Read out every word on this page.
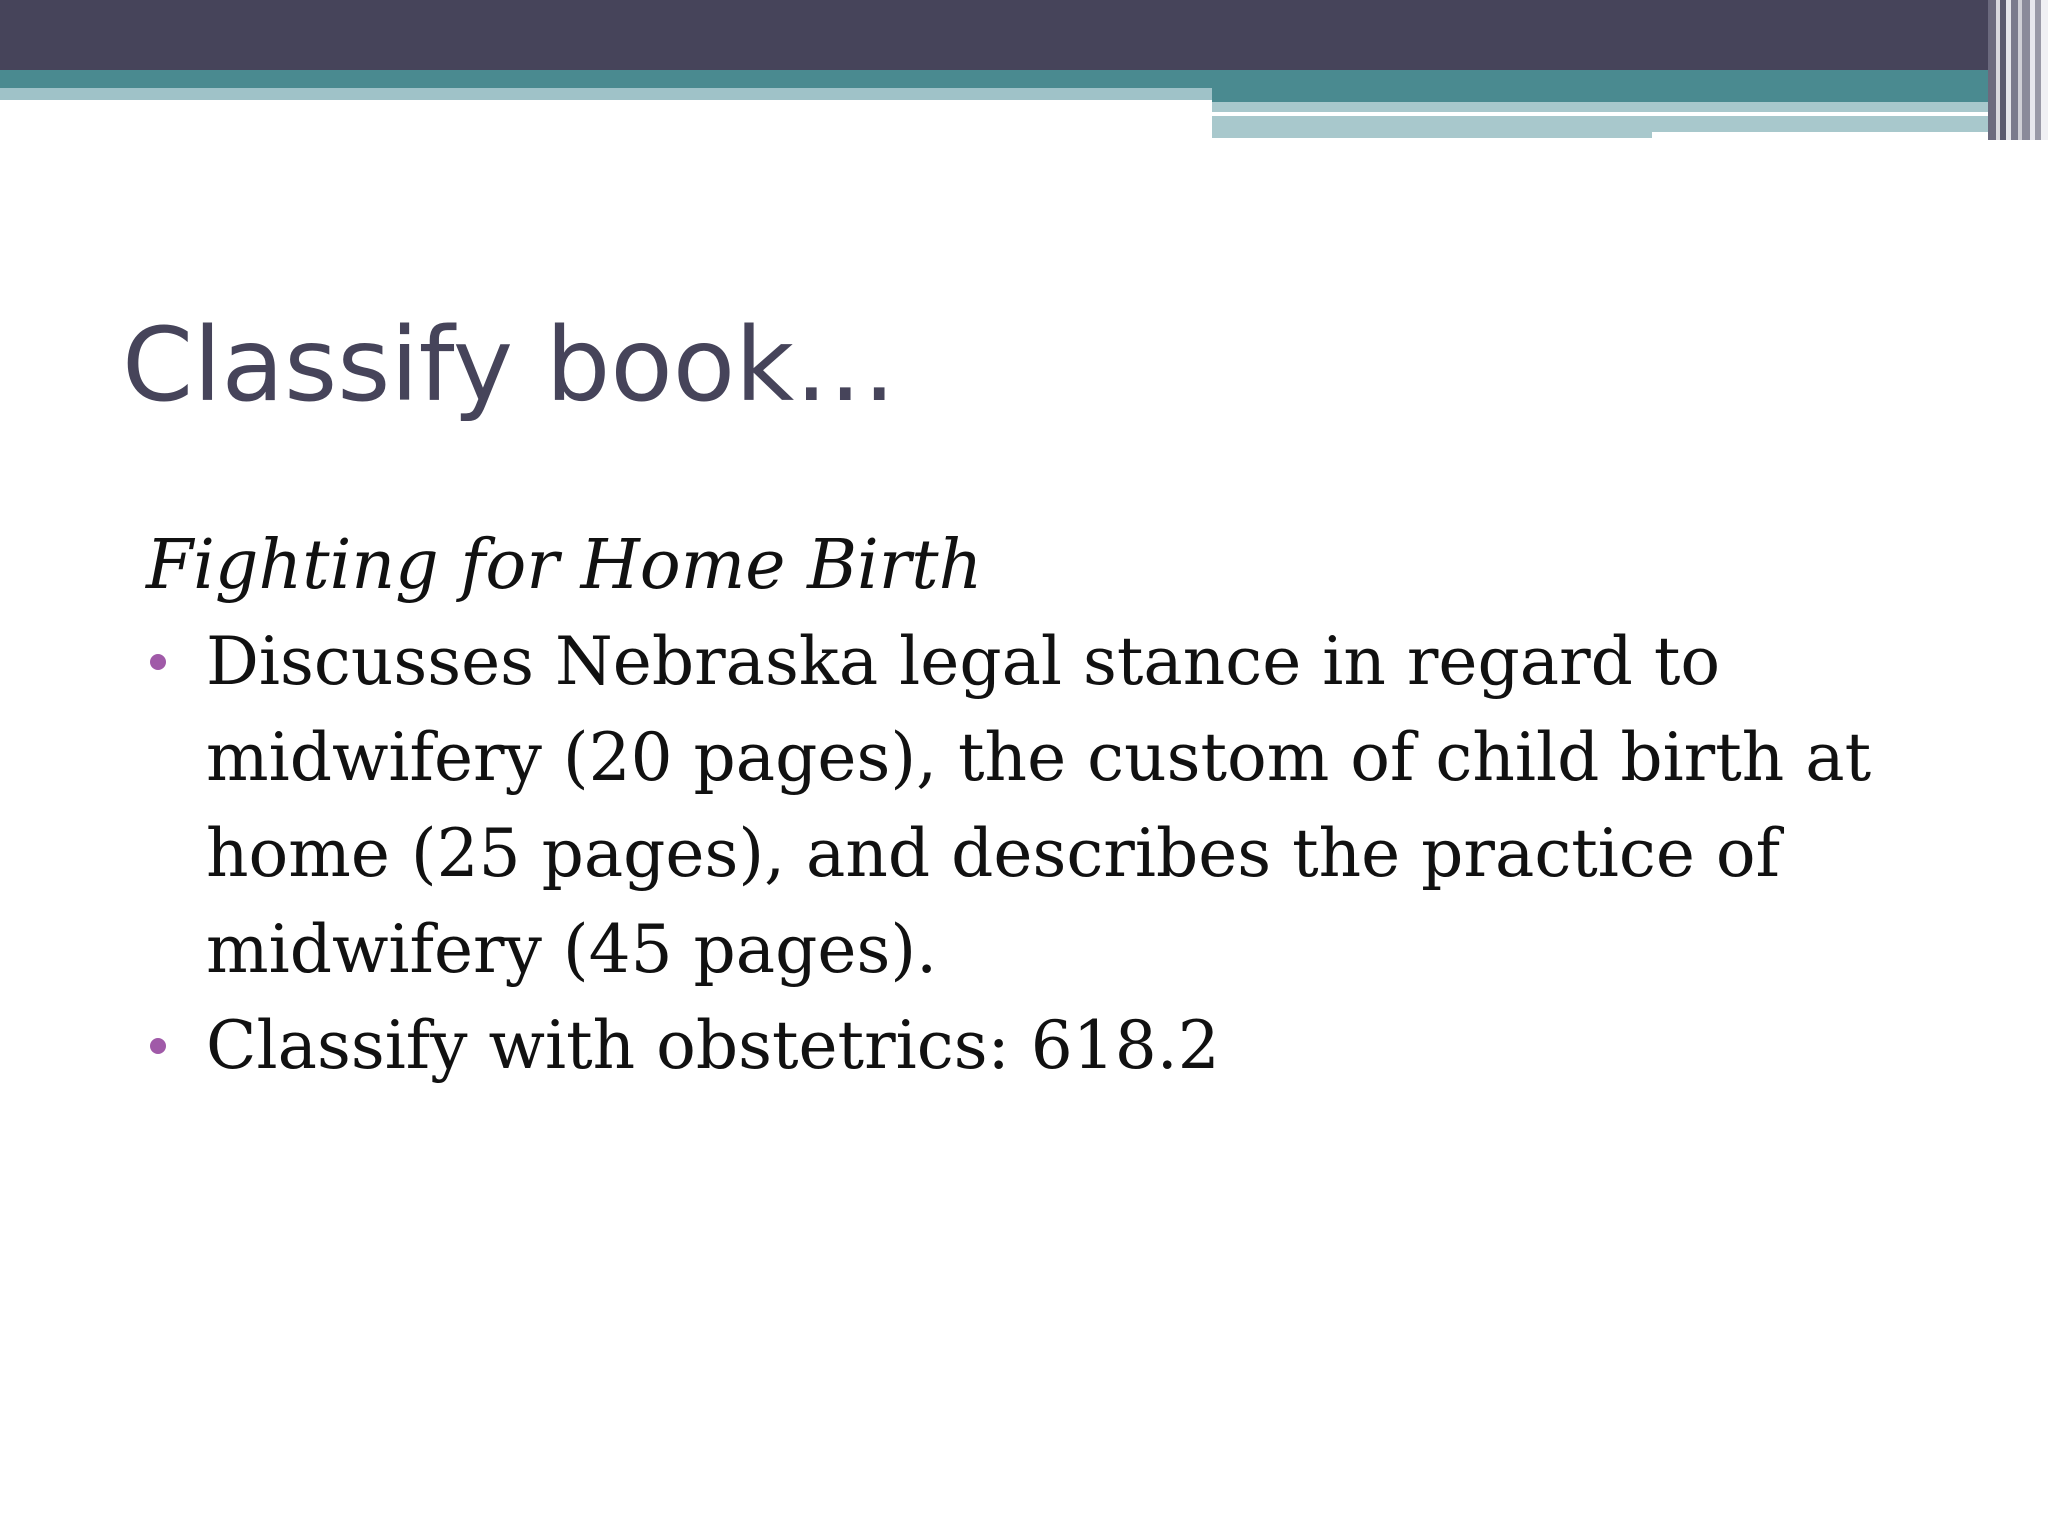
Classify book…

Fighting for Home Birth

Discusses Nebraska legal stance in regard to midwifery (20 pages), the custom of child birth at home (25 pages), and describes the practice of midwifery (45 pages).
Classify with obstetrics: 618.2
